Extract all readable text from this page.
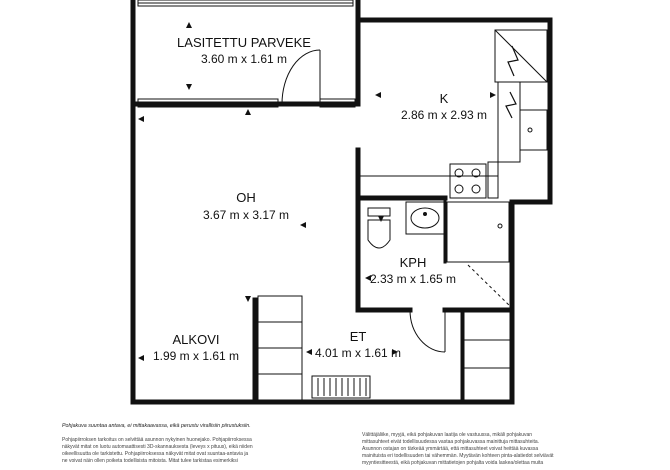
LASITETTU PARVEKE
3.60 m x 1.61 m
K
2.86 m x 2.93 m
OH
3.67 m x 3.17 m
KPH
2.33 m x 1.65 m
ALKOVI
1.99 m x 1.61 m
ET
4.01 m x 1.61 m
Pohjakuva suuntaa antava, ei mittakaavassa, eikä perustu virallisiin piirustuksiin.
Pohjapiirroksen tarkoitus on selvittää asunnon nykyinen huonejako. Pohjapiirroksessa
näkyvät mitat on luotu automaattisesti 3D-skannauksesta (leveys x pituus), eikä niiden
oikeellisuutta ole tarkistettu. Pohjapiirroksessa näkyvät mitat ovat suuntaa-antavia ja
ne voivat näin ollen poiketa todellisista mitoista. Mitat tulee tarkistaa esimerkiksi
Välittäjäliike, myyjä, eikä pohjakuvan laatija ole vastuussa, mikäli pohjakuvan
mittasuhteet eivät todellisuudessa vastaa pohjakuvassa mainittuja mittasuhteita.
Asunnon ostajan on tärkeää ymmärtää, että mittasuhteet voivat heittää kuvassa
mainituista eri todellisuuden tai vähemmän. Myytävän kohteen pinta-alatiedot selviävät
myyntiesitteestä, eikä pohjakuvan mittatietojen pohjalta voida laskea/olettaa muita
